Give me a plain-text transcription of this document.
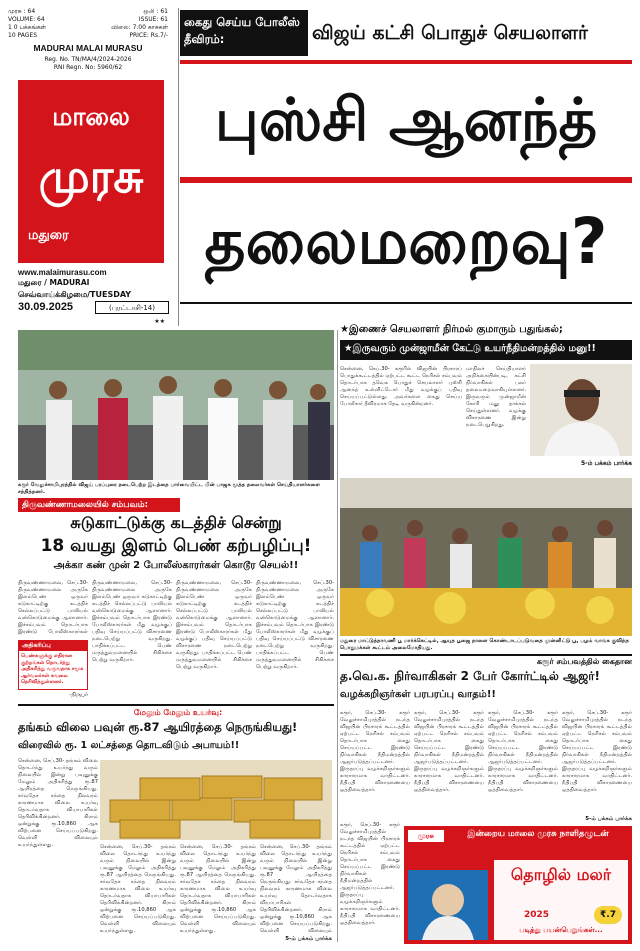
முரசு : 64
VOLUME: 64
1 0 பக்கங்கள்
10 PAGES
ஒலி : 61
ISSUE: 61
விலை: 7.00 காசுகள்
PRICE: Rs.7/-
MADURAI MALAI MURASU
Reg. No. TN/MA/4/2024-2026
RNI Regn. No: 5960/62
மாலை
முரசு
மதுரை
www.malaimurasu.com
மதுரை / MADURAI
செவ்வாய்க்கிழமை/TUESDAY
30.09.2025	(புரட்டாசி-14)
★★
கைது செய்ய போலீஸ் தீவிரம்:	விஜய் கட்சி பொதுச் செயலாளர்
புஸ்சி ஆனந்த்
தலைமறைவு?
★இணைச் செயலாளர் நிர்மல் குமாரும் பதுங்கல்;
★இருவரும் முன்ஜாமீன் கேட்டு உயர்நீதிமன்றத்தில் மனு!!
சென்னை, செப்.30- கரூரில் விஜயின் பிரசாரப் பொதுக்கூட்டத்தில் ஏற்பட்ட கூட்ட நெரிசல் சம்பவம் தொடர்பாக தவெக பொதுச் செயலாளர் புஸ்சி ஆனந்த் உள்ளிட்டோர் மீது வழக்குப் பதிவு செய்யப்பட்டுள்ளது. அவர்களை கைது செய்ய போலீசார் தீவிரமாக தேடி வருகின்றனர்.
மாநிலச் செய்தியாளர் அறிக்கையின்படி, கட்சி நிர்வாகிகள் பலர் தலைமறைவாகியுள்ளனர். இருவரும் முன்ஜாமீன் கோரி மனு தாக்கல் செய்துள்ளனர். வழக்கு விசாரணை இன்று நடைபெறுகிறது.
5-ம் பக்கம் பார்க்க
கரூர் வேலுச்சாமிபுரத்தில் விஜய் பரப்புரை நடைபெற்ற இடத்தை பார்வையிட்ட பின் பாஜக மூத்த தலைவர்கள் செய்தியாளர்களை சந்தித்தனர்.
திருவண்ணாமலையில் சம்பவம்:
சுடுகாட்டுக்கு கடத்திச் சென்று
18 வயது இளம் பெண் கற்பழிப்பு!
அக்கா கண் முன் 2 போலீஸ்காரர்கள் கொடூர செயல்!!
திருவண்ணாமலை, செப்.30- திருவண்ணாமலை அருகே இளம்பெண் ஒருவர் சுடுகாட்டிற்கு கடத்திச் செல்லப்பட்டு பாலியல் வன்கொடுமைக்கு ஆளானார். இச்சம்பவம் தொடர்பாக இரண்டு போலீஸ்காரர்கள்
திருவண்ணாமலை, செப்.30- திருவண்ணாமலை அருகே இளம்பெண் ஒருவர் சுடுகாட்டிற்கு கடத்திச் செல்லப்பட்டு பாலியல் வன்கொடுமைக்கு ஆளானார். இச்சம்பவம் தொடர்பாக இரண்டு போலீஸ்காரர்கள் மீது வழக்குப் பதிவு செய்யப்பட்டு விசாரணை நடைபெற்று வருகிறது. பாதிக்கப்பட்ட பெண் மருத்துவமனையில் சிகிச்சை பெற்று வருகிறார்.
திருவண்ணாமலை, செப்.30- திருவண்ணாமலை அருகே இளம்பெண் ஒருவர் சுடுகாட்டிற்கு கடத்திச் செல்லப்பட்டு பாலியல் வன்கொடுமைக்கு ஆளானார். இச்சம்பவம் தொடர்பாக இரண்டு போலீஸ்காரர்கள் மீது வழக்குப் பதிவு செய்யப்பட்டு விசாரணை நடைபெற்று வருகிறது. பாதிக்கப்பட்ட பெண் மருத்துவமனையில் சிகிச்சை பெற்று வருகிறார்.
திருவண்ணாமலை, செப்.30- திருவண்ணாமலை அருகே இளம்பெண் ஒருவர் சுடுகாட்டிற்கு கடத்திச் செல்லப்பட்டு பாலியல் வன்கொடுமைக்கு ஆளானார். இச்சம்பவம் தொடர்பாக இரண்டு போலீஸ்காரர்கள் மீது வழக்குப் பதிவு செய்யப்பட்டு விசாரணை நடைபெற்று வருகிறது. பாதிக்கப்பட்ட பெண் மருத்துவமனையில் சிகிச்சை பெற்று வருகிறார்.
அதிகரிப்பு
பெண்களுக்கு எதிரான குற்றங்கள் தொடர்ந்து அதிகரித்து வருவதாக சமூக ஆர்வலர்கள் கவலை தெரிவித்துள்ளனர்.
-நிருபர்
மேலும் மேலும் உயர்வு:
தங்கம் விலை பவுன் ரூ.87 ஆயிரத்தை நெருங்கியது!
விரைவில் ரூ. 1 லட்சத்தை தொடவிடும் அபாயம்!!
சென்னை, செப்.30- தங்கம் விலை தொடர்ந்து உயர்ந்து வரும் நிலையில் இன்று பவுனுக்கு மேலும் அதிகரித்து ரூ.87 ஆயிரத்தை நெருங்கியது. சர்வதேச சந்தை நிலவரம் காரணமாக விலை உயர்வு தொடர்வதாக வியாபாரிகள் தெரிவிக்கின்றனர். கிராம் ஒன்றுக்கு ரூ.10,860 ஆக விற்பனை செய்யப்படுகிறது. வெள்ளி விலையும் உயர்ந்துள்ளது.	சென்னை, செப்.30- தங்கம் விலை தொடர்ந்து உயர்ந்து வரும் நிலையில் இன்று பவுனுக்கு மேலும் அதிகரித்து ரூ.87 ஆயிரத்தை நெருங்கியது. சர்வதேச சந்தை நிலவரம் காரணமாக விலை உயர்வு தொடர்வதாக வியாபாரிகள் தெரிவிக்கின்றனர். கிராம் ஒன்றுக்கு ரூ.10,860 ஆக விற்பனை செய்யப்படுகிறது. வெள்ளி விலையும் உயர்ந்துள்ளது.
சென்னை, செப்.30- தங்கம் விலை தொடர்ந்து உயர்ந்து வரும் நிலையில் இன்று பவுனுக்கு மேலும் அதிகரித்து ரூ.87 ஆயிரத்தை நெருங்கியது. சர்வதேச சந்தை நிலவரம் காரணமாக விலை உயர்வு தொடர்வதாக வியாபாரிகள் தெரிவிக்கின்றனர். கிராம் ஒன்றுக்கு ரூ.10,860 ஆக விற்பனை செய்யப்படுகிறது. வெள்ளி விலையும் உயர்ந்துள்ளது.
சென்னை, செப்.30- தங்கம் விலை தொடர்ந்து உயர்ந்து வரும் நிலையில் இன்று பவுனுக்கு மேலும் அதிகரித்து ரூ.87 ஆயிரத்தை நெருங்கியது. சர்வதேச சந்தை நிலவரம் காரணமாக விலை உயர்வு தொடர்வதாக வியாபாரிகள் தெரிவிக்கின்றனர். கிராம் ஒன்றுக்கு ரூ.10,860 ஆக விற்பனை செய்யப்படுகிறது. வெள்ளி விலையும்
5-ம் பக்கம் பார்க்க
மதுரை மாட்டுத்தாவணி பூ மார்க்கெட்டில், ஆயுத பூஜை நாளை கொண்டாடப்படுவதை முன்னிட்டு பூ, பழம் வாங்க குவிந்த பொதுமக்கள் கூட்டம் அலைமோதியது.
கரூர் சம்பவத்தில் கைதான
த.வெ.க. நிர்வாகிகள் 2 பேர் கோர்ட்டில் ஆஜர்!
வழக்கறிஞர்கள் பரபரப்பு வாதம்!!
கரூர், செப்.30- கரூர் வேலுச்சாமிபுரத்தில் நடந்த விஜயின் பிரசாரக் கூட்டத்தில் ஏற்பட்ட நெரிசல் சம்பவம் தொடர்பாக கைது செய்யப்பட்ட இரண்டு நிர்வாகிகள் நீதிமன்றத்தில் ஆஜர்படுத்தப்பட்டனர். இருதரப்பு வழக்கறிஞர்களும் காரசாரமாக வாதிட்டனர். நீதிபதி விசாரணையை ஒத்திவைத்தார்.
கரூர், செப்.30- கரூர் வேலுச்சாமிபுரத்தில் நடந்த விஜயின் பிரசாரக் கூட்டத்தில் ஏற்பட்ட நெரிசல் சம்பவம் தொடர்பாக கைது செய்யப்பட்ட இரண்டு நிர்வாகிகள் நீதிமன்றத்தில் ஆஜர்படுத்தப்பட்டனர். இருதரப்பு வழக்கறிஞர்களும் காரசாரமாக வாதிட்டனர். நீதிபதி விசாரணையை ஒத்திவைத்தார்.
கரூர், செப்.30- கரூர் வேலுச்சாமிபுரத்தில் நடந்த விஜயின் பிரசாரக் கூட்டத்தில் ஏற்பட்ட நெரிசல் சம்பவம் தொடர்பாக கைது செய்யப்பட்ட இரண்டு நிர்வாகிகள் நீதிமன்றத்தில் ஆஜர்படுத்தப்பட்டனர். இருதரப்பு வழக்கறிஞர்களும் காரசாரமாக வாதிட்டனர். நீதிபதி விசாரணையை ஒத்திவைத்தார்.
கரூர், செப்.30- கரூர் வேலுச்சாமிபுரத்தில் நடந்த விஜயின் பிரசாரக் கூட்டத்தில் ஏற்பட்ட நெரிசல் சம்பவம் தொடர்பாக கைது செய்யப்பட்ட இரண்டு நிர்வாகிகள் நீதிமன்றத்தில் ஆஜர்படுத்தப்பட்டனர். இருதரப்பு வழக்கறிஞர்களும் காரசாரமாக வாதிட்டனர். நீதிபதி விசாரணையை ஒத்திவைத்தார்.
கரூர், செப்.30- கரூர் வேலுச்சாமிபுரத்தில் நடந்த விஜயின் பிரசாரக் கூட்டத்தில் ஏற்பட்ட நெரிசல் சம்பவம் தொடர்பாக கைது செய்யப்பட்ட இரண்டு நிர்வாகிகள் நீதிமன்றத்தில் ஆஜர்படுத்தப்பட்டனர். இருதரப்பு வழக்கறிஞர்களும் காரசாரமாக வாதிட்டனர். நீதிபதி விசாரணையை ஒத்திவைத்தார்.
5-ம் பக்கம் பார்க்க
முரசு	இன்றைய மாலை முரசு நாளிதழுடன்
தொழில் மலர்
2025	₹.7
படித்து பயன்பெறுங்கள்...
